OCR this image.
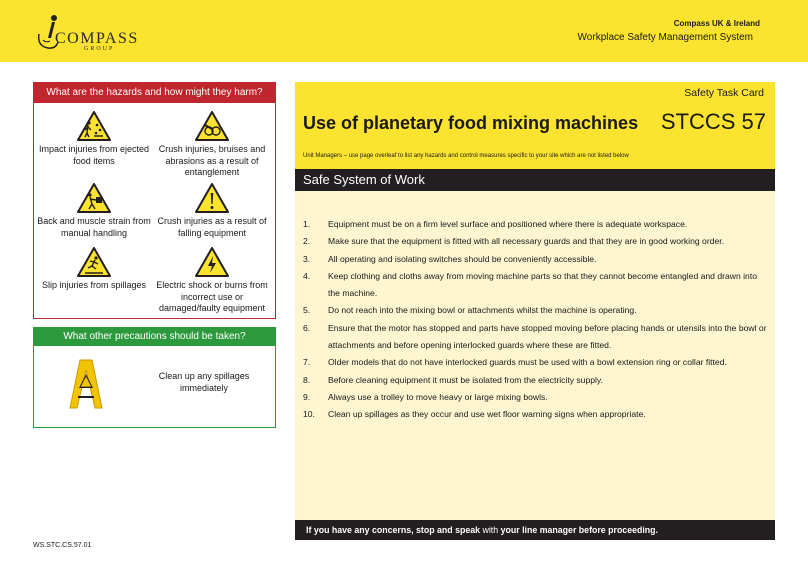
COMPASS
GROUP
Compass UK & Ireland
Workplace Safety Management System
What are the hazards and how might they harm?
Impact injuries from ejected food items
Crush injuries, bruises and abrasions as a result of entanglement
Back and muscle strain from manual handling
Crush injuries as a result of falling equipment
Slip injuries from spillages	Electric shock or burns from incorrect use or damaged/faulty equipment
What other precautions should be taken?
Clean up any spillages immediately
Safety Task Card
Use of planetary food mixing machines STCCS 57
Unit Managers – use page overleaf to list any hazards and control measures specific to your site which are not listed below
Safe System of Work
1. Equipment must be on a firm level surface and positioned where there is adequate workspace.
2. Make sure that the equipment is fitted with all necessary guards and that they are in good working order.
3. All operating and isolating switches should be conveniently accessible.
4. Keep clothing and cloths away from moving machine parts so that they cannot become entangled and drawn into the machine.
5. Do not reach into the mixing bowl or attachments whilst the machine is operating.
6. Ensure that the motor has stopped and parts have stopped moving before placing hands or utensils into the bowl or attachments and before opening interlocked guards where these are fitted.
7. Older models that do not have interlocked guards must be used with a bowl extension ring or collar fitted.
8. Before cleaning equipment it must be isolated from the electricity supply.
9. Always use a trolley to move heavy or large mixing bowls.
10. Clean up spillages as they occur and use wet floor warning signs when appropriate.
If you have any concerns, stop and speak with your line manager before proceeding.
WS.STC.CS.57.01
